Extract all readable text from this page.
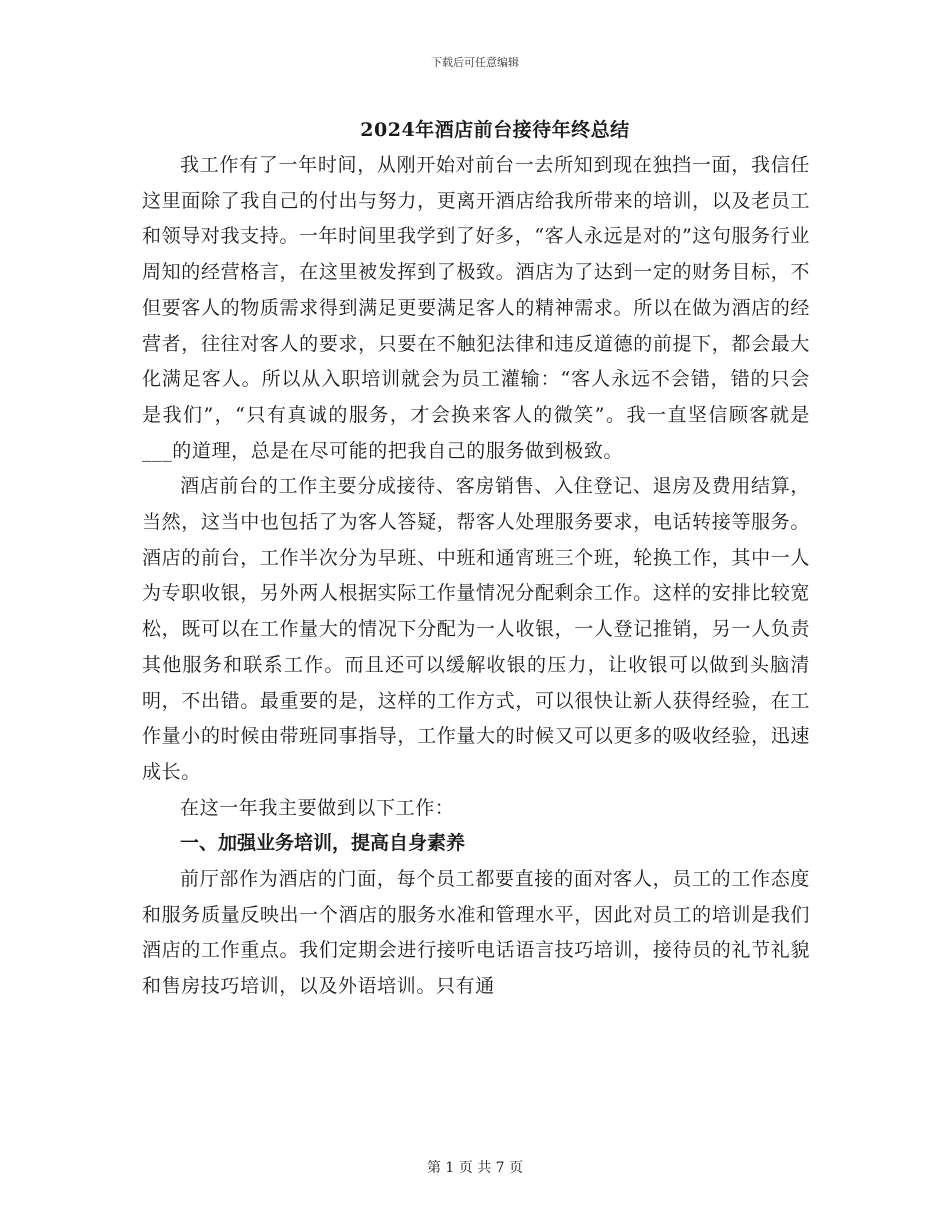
下载后可任意编辑
2024年酒店前台接待年终总结

我工作有了一年时间，从刚开始对前台一去所知到现在独挡一面，我信任这里面除了我自己的付出与努力，更离开酒店给我所带来的培训，以及老员工和领导对我支持。一年时间里我学到了好多，“客人永远是对的”这句服务行业周知的经营格言，在这里被发挥到了极致。酒店为了达到一定的财务目标，不但要客人的物质需求得到满足更要满足客人的精神需求。所以在做为酒店的经营者，往往对客人的要求，只要在不触犯法律和违反道德的前提下，都会最大化满足客人。所以从入职培训就会为员工灌输：“客人永远不会错，错的只会是我们”，“只有真诚的服务，才会换来客人的微笑”。我一直坚信顾客就是___的道理，总是在尽可能的把我自己的服务做到极致。

酒店前台的工作主要分成接待、客房销售、入住登记、退房及费用结算，当然，这当中也包括了为客人答疑，帮客人处理服务要求，电话转接等服务。酒店的前台，工作半次分为早班、中班和通宵班三个班，轮换工作，其中一人为专职收银，另外两人根据实际工作量情况分配剩余工作。这样的安排比较宽松，既可以在工作量大的情况下分配为一人收银，一人登记推销，另一人负责其他服务和联系工作。而且还可以缓解收银的压力，让收银可以做到头脑清明，不出错。最重要的是，这样的工作方式，可以很快让新人获得经验，在工作量小的时候由带班同事指导，工作量大的时候又可以更多的吸收经验，迅速成长。

在这一年我主要做到以下工作：

一、加强业务培训，提高自身素养

前厅部作为酒店的门面，每个员工都要直接的面对客人，员工的工作态度和服务质量反映出一个酒店的服务水准和管理水平，因此对员工的培训是我们酒店的工作重点。我们定期会进行接听电话语言技巧培训，接待员的礼节礼貌和售房技巧培训，以及外语培训。只有通

第 1 页 共 7 页
